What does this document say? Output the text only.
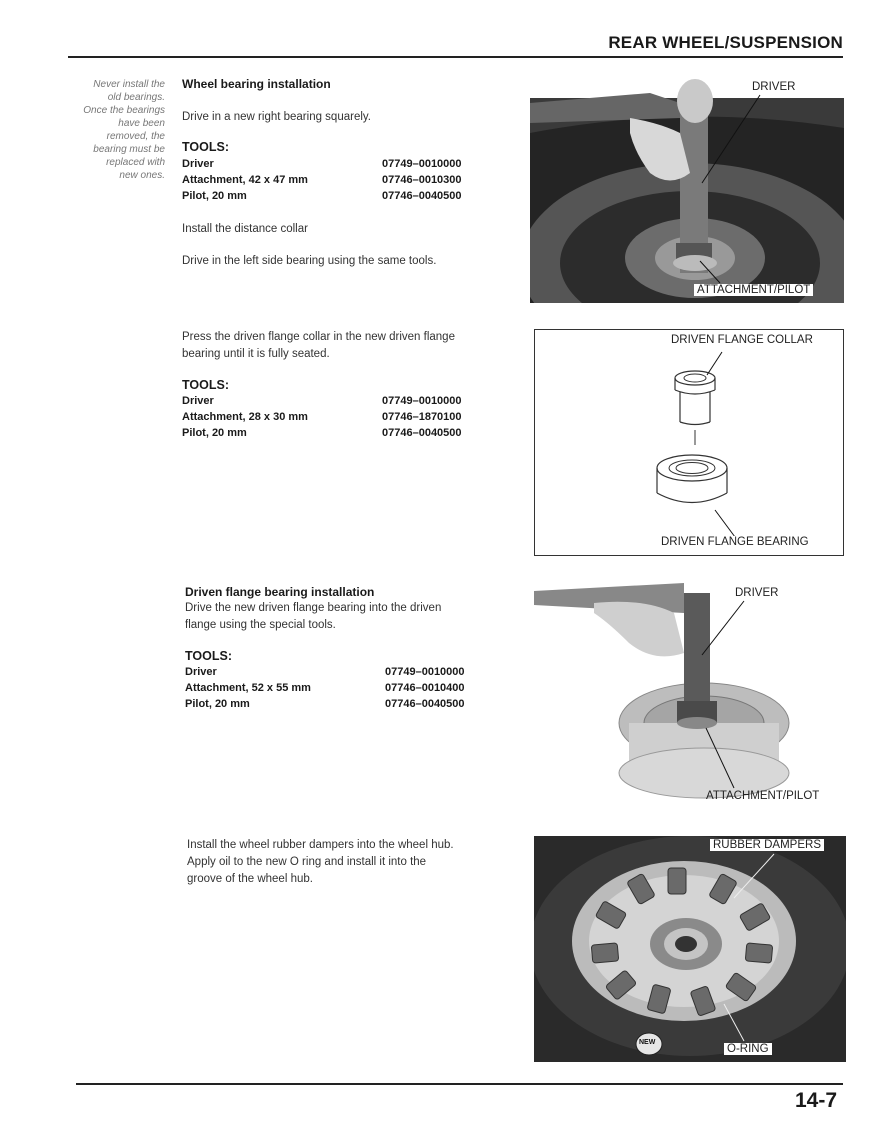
REAR WHEEL/SUSPENSION
Never install the
old bearings.
Once the bearings
have been
removed, the
bearing must be
replaced with
new ones.
Wheel bearing installation
Drive in a new right bearing squarely.
TOOLS:
Driver	07749–0010000
Attachment, 42 x 47 mm	07746–0010300
Pilot, 20 mm	07746–0040500
Install the distance collar
Drive in the left side bearing using the same tools.
DRIVER
ATTACHMENT/PILOT
Press the driven flange collar in the new driven flange
bearing until it is fully seated.
TOOLS:
Driver	07749–0010000
Attachment, 28 x 30 mm	07746–1870100
Pilot, 20 mm	07746–0040500
DRIVEN FLANGE COLLAR
DRIVEN FLANGE BEARING
Driven flange bearing installation
Drive the new driven flange bearing into the driven
flange using the special tools.
TOOLS:
Driver	07749–0010000
Attachment, 52 x 55 mm	07746–0010400
Pilot, 20 mm	07746–0040500
DRIVER
ATTACHMENT/PILOT
Install the wheel rubber dampers into the wheel hub.
Apply oil to the new O ring and install it into the
groove of the wheel hub.
RUBBER DAMPERS
O-RING
NEW
14-7
